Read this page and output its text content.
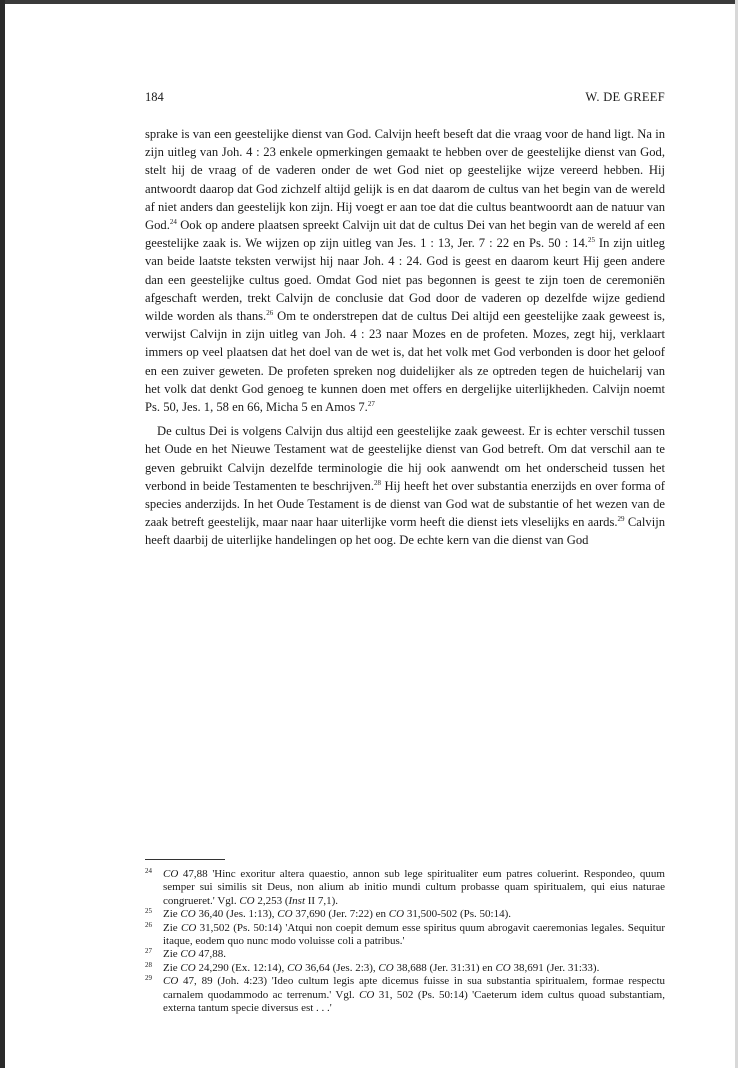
184	W. DE GREEF

sprake is van een geestelijke dienst van God. Calvijn heeft beseft dat die vraag voor de hand ligt. Na in zijn uitleg van Joh. 4 : 23 enkele opmerkingen gemaakt te hebben over de geestelijke dienst van God, stelt hij de vraag of de vaderen onder de wet God niet op geestelijke wijze vereerd hebben. Hij antwoordt daarop dat God zichzelf altijd gelijk is en dat daarom de cultus van het begin van de wereld af niet anders dan geestelijk kon zijn. Hij voegt er aan toe dat die cultus beantwoordt aan de natuur van God.$^{24}$ Ook op andere plaatsen spreekt Calvijn uit dat de cultus Dei van het begin van de wereld af een geestelijke zaak is. We wijzen op zijn uitleg van Jes. 1 : 13, Jer. 7 : 22 en Ps. 50 : 14.25 In zijn uitleg van beide laatste teksten verwijst hij naar Joh. 4 : 24. God is geest en daarom keurt Hij geen andere dan een geestelijke cultus goed. Omdat God niet pas begonnen is geest te zijn toen de ceremoniën afgeschaft werden, trekt Calvijn de conclusie dat God door de vaderen op dezelfde wijze gediend wilde worden als thans.$^{26}$ Om te onderstrepen dat de cultus Dei altijd een geestelijke zaak geweest is, verwijst Calvijn in zijn uitleg van Joh. 4 : 23 naar Mozes en de profeten. Mozes, zegt hij, verklaart immers op veel plaatsen dat het doel van de wet is, dat het volk met God verbonden is door het geloof en een zuiver geweten. De profeten spreken nog duidelijker als ze optreden tegen de huichelarij van het volk dat denkt God genoeg te kunnen doen met offers en dergelijke uiterlijkheden. Calvijn noemt Ps. 50, Jes. 1, 58 en 66, Micha 5 en Amos 7.27

De cultus Dei is volgens Calvijn dus altijd een geestelijke zaak geweest. Er is echter verschil tussen het Oude en het Nieuwe Testament wat de geestelijke dienst van God betreft. Om dat verschil aan te geven gebruikt Calvijn dezelfde terminologie die hij ook aanwendt om het onderscheid tussen het verbond in beide Testamenten te beschrijven.$^{28}$ Hij heeft het over substantia enerzijds en over forma of species anderzijds. In het Oude Testament is de dienst van God wat de substantie of het wezen van de zaak betreft geestelijk, maar naar haar uiterlijke vorm heeft die dienst iets vleselijks en aards.$^{29}$ Calvijn heeft daarbij de uiterlijke handelingen op het oog. De echte kern van die dienst van God

24 CO 47,88 'Hinc exoritur altera quaestio, annon sub lege spiritualiter eum patres coluerint. Respondeo, quum semper sui similis sit Deus, non alium ab initio mundi cultum probasse quam spiritualem, qui eius naturae congrueret.' Vgl. CO 2,253 (Inst II 7,1).
25 Zie CO 36,40 (Jes. 1:13), CO 37,690 (Jer. 7:22) en CO 31,500-502 (Ps. 50:14).
26 Zie CO 31,502 (Ps. 50:14) 'Atqui non coepit demum esse spiritus quum abrogavit caeremonias legales. Sequitur itaque, eodem quo nunc modo voluisse coli a patribus.'
27 Zie CO 47,88.
28 Zie CO 24,290 (Ex. 12:14), CO 36,64 (Jes. 2:3), CO 38,688 (Jer. 31:31) en CO 38,691 (Jer. 31:33).
29 CO 47, 89 (Joh. 4:23) 'Ideo cultum legis apte dicemus fuisse in sua substantia spiritualem, formae respectu carnalem quodammodo ac terrenum.' Vgl. CO 31, 502 (Ps. 50:14) 'Caeterum idem cultus quoad substantiam, externa tantum specie diversus est . . .'
